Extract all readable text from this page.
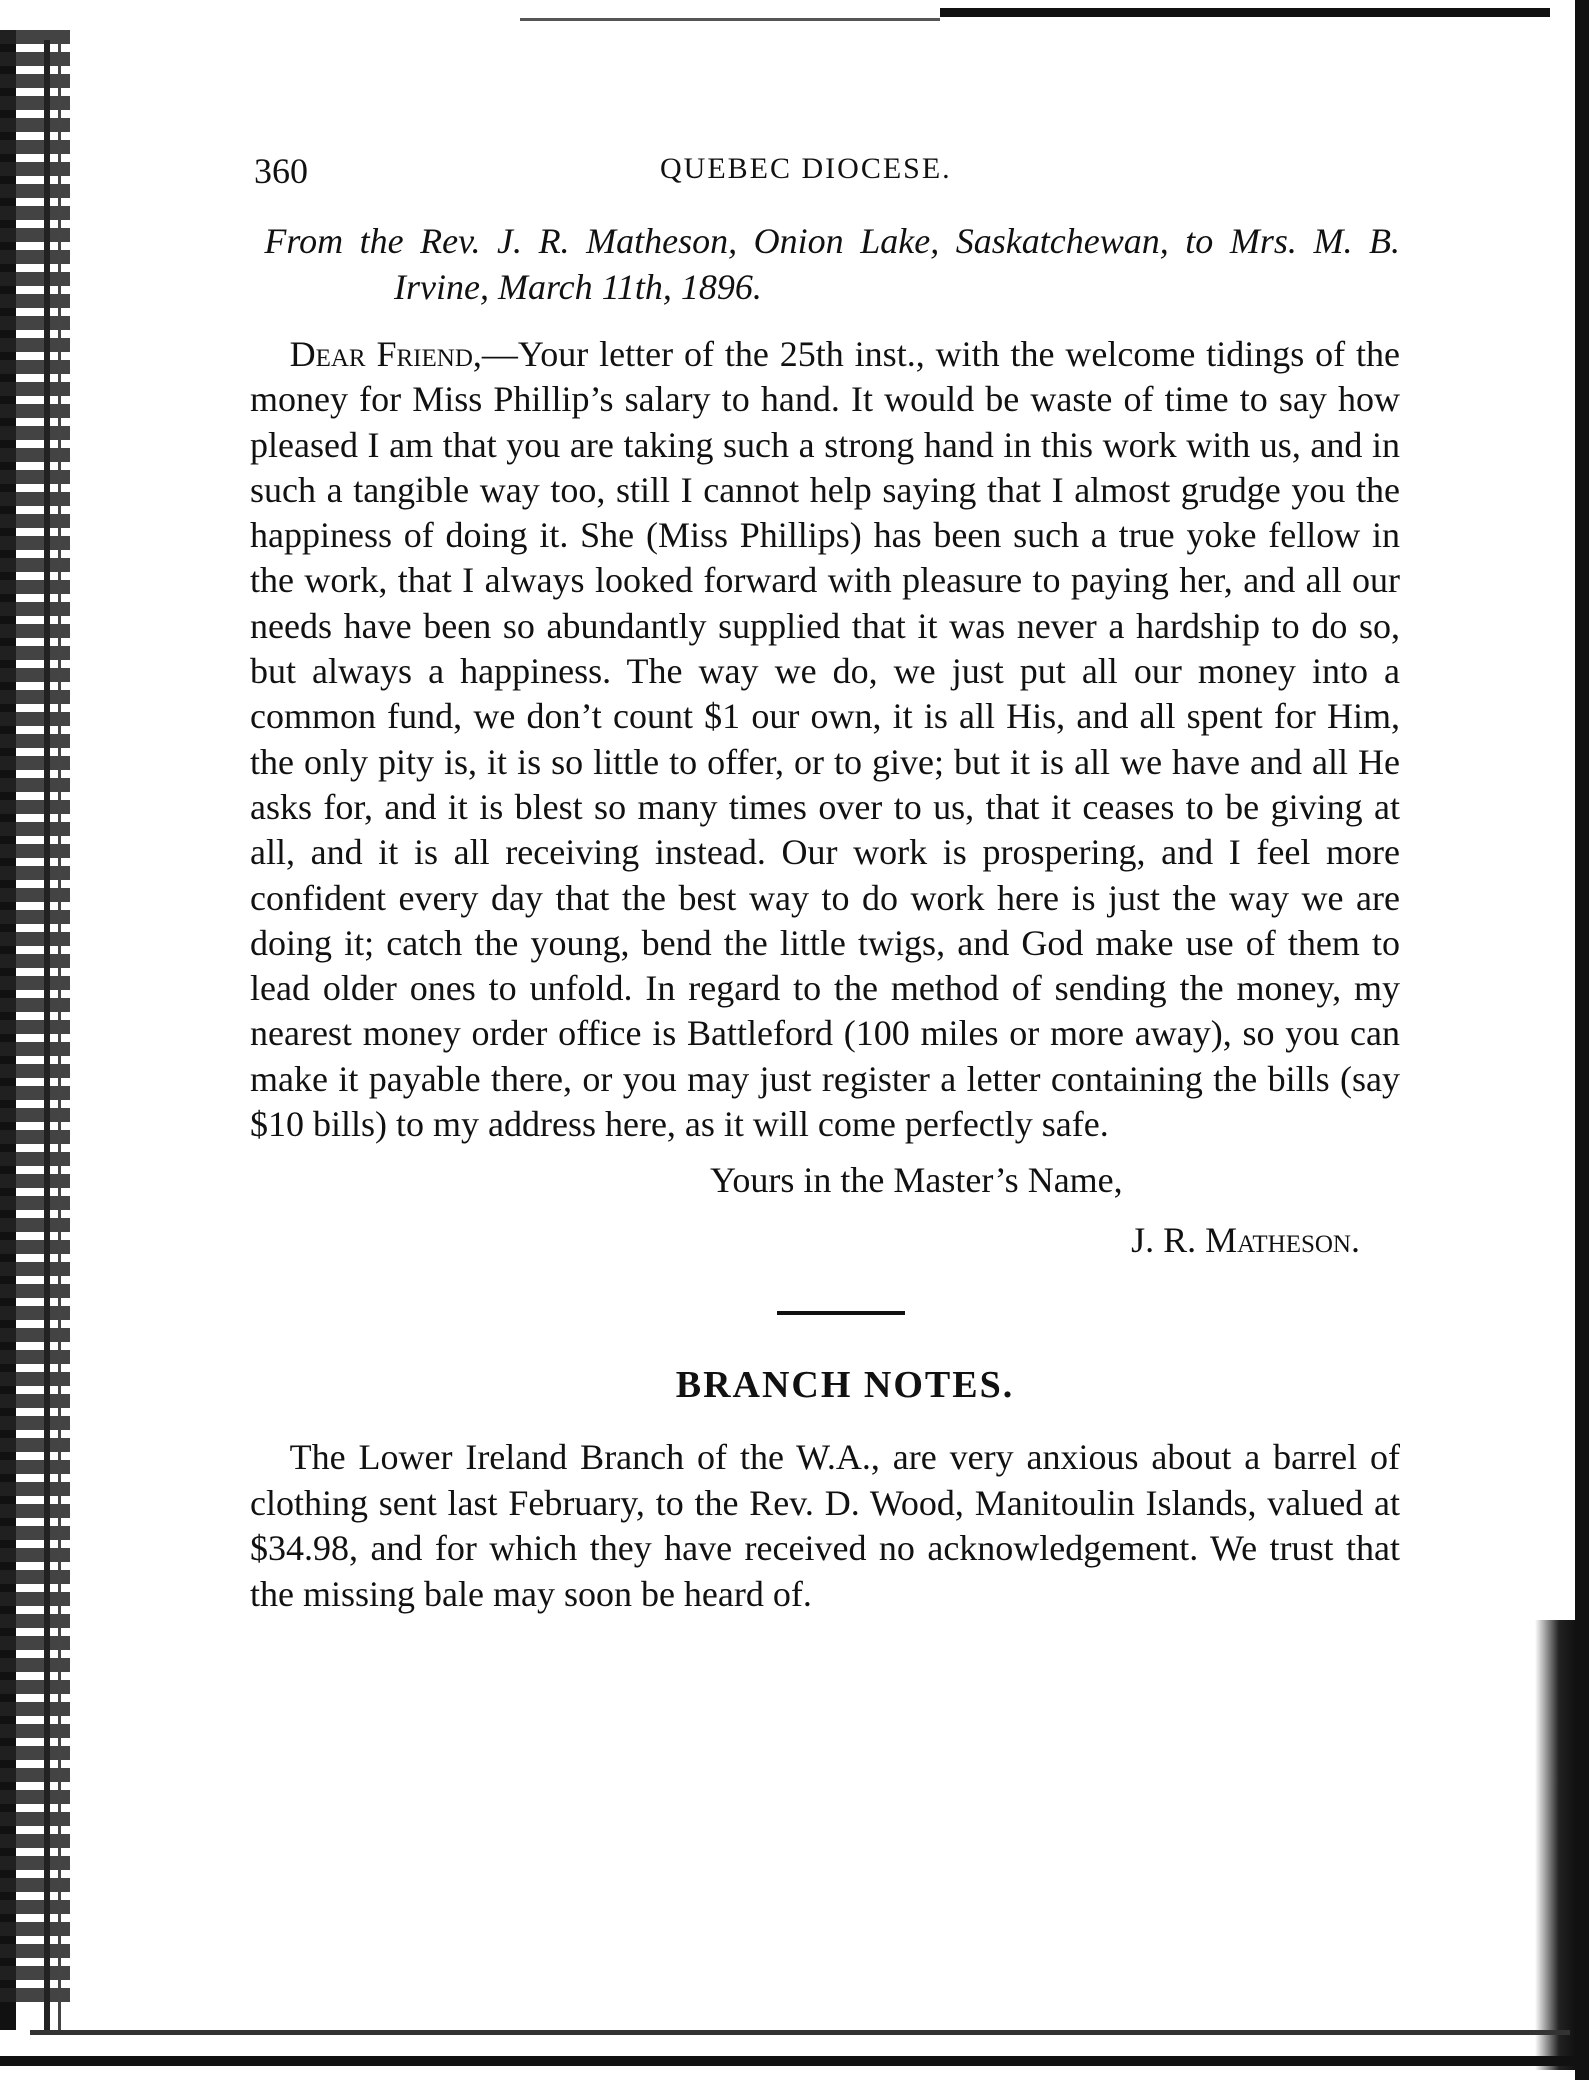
360	QUEBEC DIOCESE.

From the Rev. J. R. Matheson, Onion Lake, Saskatchewan, to Mrs. M. B. Irvine, March 11th, 1896.

Dear Friend,—Your letter of the 25th inst., with the welcome tidings of the money for Miss Phillip’s salary to hand. It would be waste of time to say how pleased I am that you are taking such a strong hand in this work with us, and in such a tangible way too, still I cannot help saying that I almost grudge you the happiness of doing it. She (Miss Phillips) has been such a true yoke fellow in the work, that I always looked forward with pleasure to paying her, and all our needs have been so abundantly supplied that it was never a hardship to do so, but always a happiness. The way we do, we just put all our money into a common fund, we don’t count $1 our own, it is all His, and all spent for Him, the only pity is, it is so little to offer, or to give; but it is all we have and all He asks for, and it is blest so many times over to us, that it ceases to be giving at all, and it is all receiving instead. Our work is prospering, and I feel more confident every day that the best way to do work here is just the way we are doing it; catch the young, bend the little twigs, and God make use of them to lead older ones to unfold. In regard to the method of sending the money, my nearest money order office is Battleford (100 miles or more away), so you can make it payable there, or you may just register a letter containing the bills (say $10 bills) to my address here, as it will come perfectly safe.

Yours in the Master’s Name,

J. R. Matheson.

BRANCH NOTES.

The Lower Ireland Branch of the W.A., are very anxious about a barrel of clothing sent last February, to the Rev. D. Wood, Manitoulin Islands, valued at $34.98, and for which they have received no acknowledgement. We trust that the missing bale may soon be heard of.
